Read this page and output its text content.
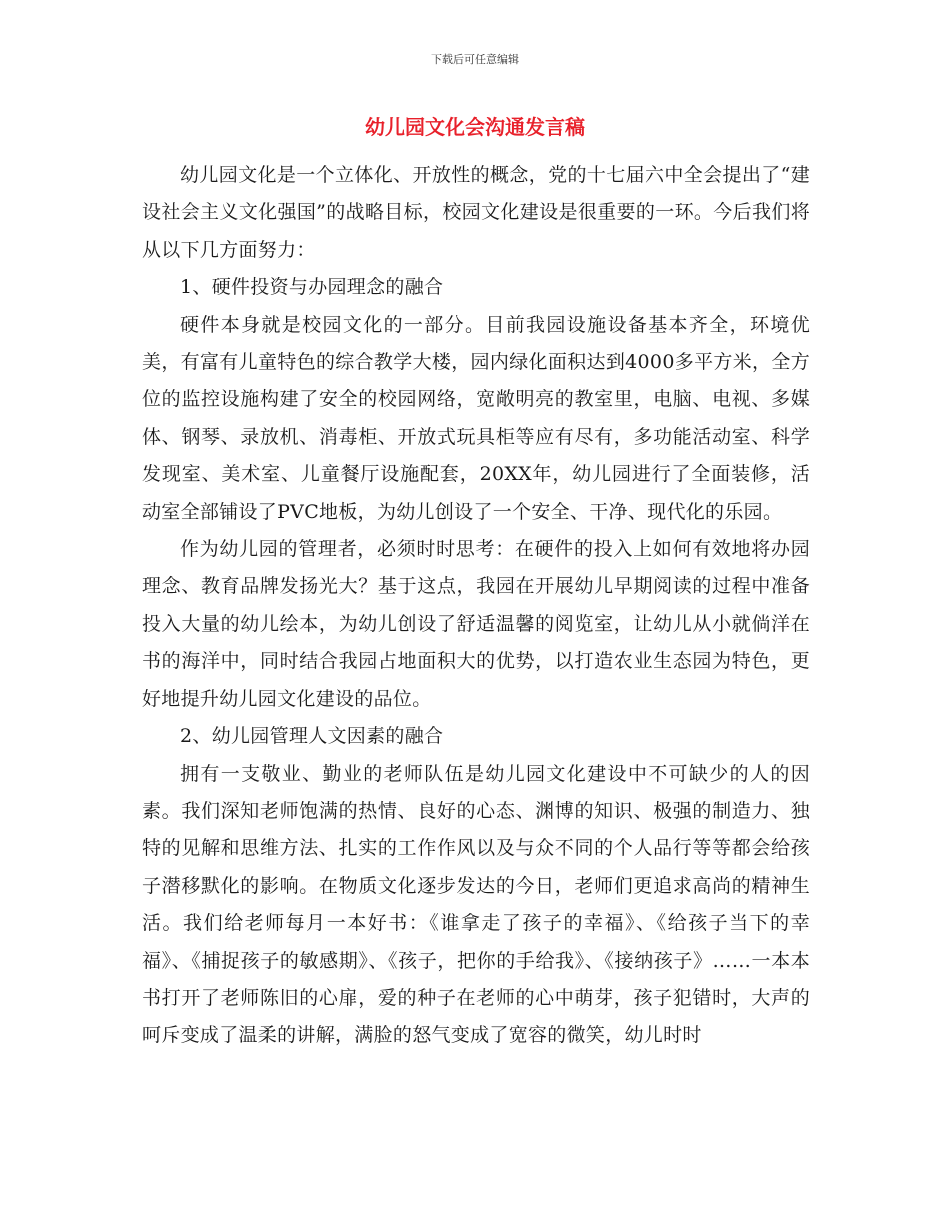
下载后可任意编辑
幼儿园文化会沟通发言稿

幼儿园文化是一个立体化、开放性的概念，党的十七届六中全会提出了“建设社会主义文化强国”的战略目标，校园文化建设是很重要的一环。今后我们将从以下几方面努力：

1、硬件投资与办园理念的融合

硬件本身就是校园文化的一部分。目前我园设施设备基本齐全，环境优美，有富有儿童特色的综合教学大楼，园内绿化面积达到4000多平方米，全方位的监控设施构建了安全的校园网络，宽敞明亮的教室里，电脑、电视、多媒体、钢琴、录放机、消毒柜、开放式玩具柜等应有尽有，多功能活动室、科学发现室、美术室、儿童餐厅设施配套，20XX年，幼儿园进行了全面装修，活动室全部铺设了PVC地板，为幼儿创设了一个安全、干净、现代化的乐园。

作为幼儿园的管理者，必须时时思考：在硬件的投入上如何有效地将办园理念、教育品牌发扬光大？基于这点，我园在开展幼儿早期阅读的过程中准备投入大量的幼儿绘本，为幼儿创设了舒适温馨的阅览室，让幼儿从小就倘洋在书的海洋中，同时结合我园占地面积大的优势，以打造农业生态园为特色，更好地提升幼儿园文化建设的品位。

2、幼儿园管理人文因素的融合

拥有一支敬业、勤业的老师队伍是幼儿园文化建设中不可缺少的人的因素。我们深知老师饱满的热情、良好的心态、渊博的知识、极强的制造力、独特的见解和思维方法、扎实的工作作风以及与众不同的个人品行等等都会给孩子潜移默化的影响。在物质文化逐步发达的今日，老师们更追求高尚的精神生活。我们给老师每月一本好书：《谁拿走了孩子的幸福》、《给孩子当下的幸福》、《捕捉孩子的敏感期》、《孩子，把你的手给我》、《接纳孩子》……一本本书打开了老师陈旧的心扉，爱的种子在老师的心中萌芽，孩子犯错时，大声的呵斥变成了温柔的讲解，满脸的怒气变成了宽容的微笑，幼儿时时
